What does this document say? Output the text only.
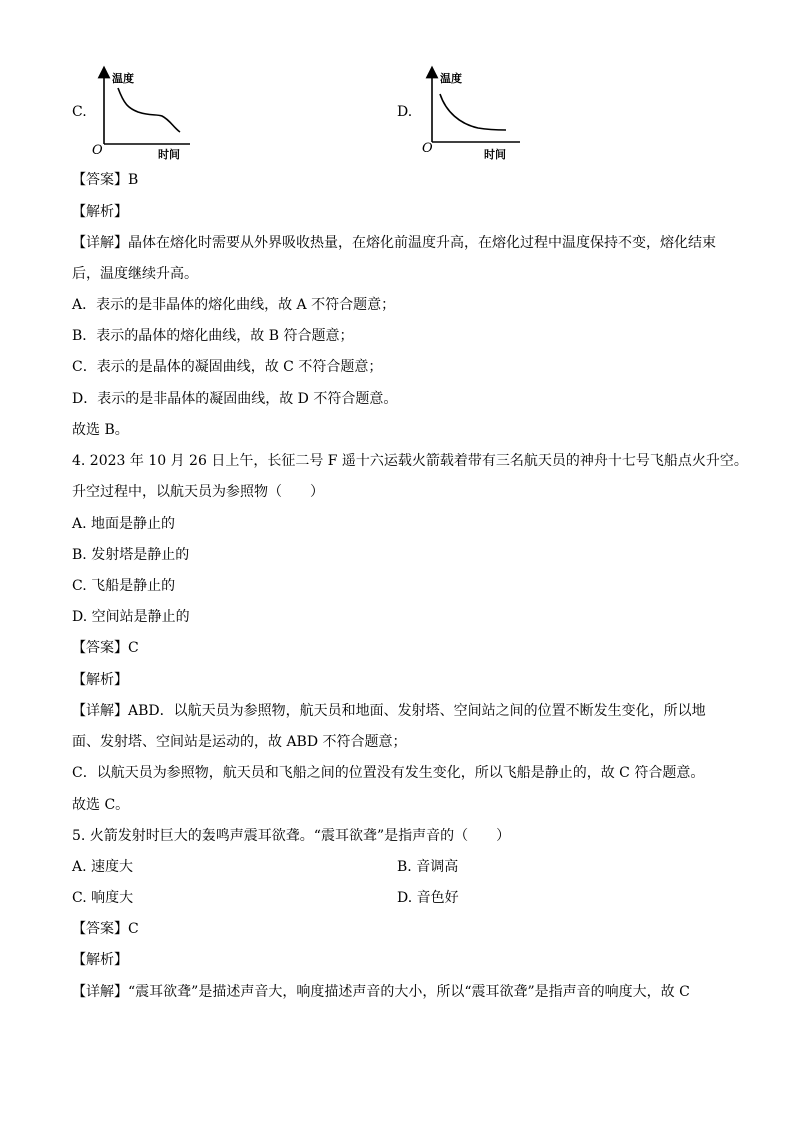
C.
温度
O	时间
D.
温度
O	时间
【答案】B
【解析】
【详解】晶体在熔化时需要从外界吸收热量，在熔化前温度升高，在熔化过程中温度保持不变，熔化结束
后，温度继续升高。
A．表示的是非晶体的熔化曲线，故 A 不符合题意；
B．表示的晶体的熔化曲线，故 B 符合题意；
C．表示的是晶体的凝固曲线，故 C 不符合题意；
D．表示的是非晶体的凝固曲线，故 D 不符合题意。
故选 B。
4. 2023 年 10 月 26 日上午，长征二号 F 遥十六运载火箭载着带有三名航天员的神舟十七号飞船点火升空。
升空过程中，以航天员为参照物（　　）
A. 地面是静止的
B. 发射塔是静止的
C. 飞船是静止的
D. 空间站是静止的
【答案】C
【解析】
【详解】ABD．以航天员为参照物，航天员和地面、发射塔、空间站之间的位置不断发生变化，所以地
面、发射塔、空间站是运动的，故 ABD 不符合题意；
C．以航天员为参照物，航天员和飞船之间的位置没有发生变化，所以飞船是静止的，故 C 符合题意。
故选 C。
5. 火箭发射时巨大的轰鸣声震耳欲聋。“震耳欲聋”是指声音的（　　）
A. 速度大	B. 音调高
C. 响度大	D. 音色好
【答案】C
【解析】
【详解】“震耳欲聋”是描述声音大，响度描述声音的大小，所以“震耳欲聋”是指声音的响度大，故 C
